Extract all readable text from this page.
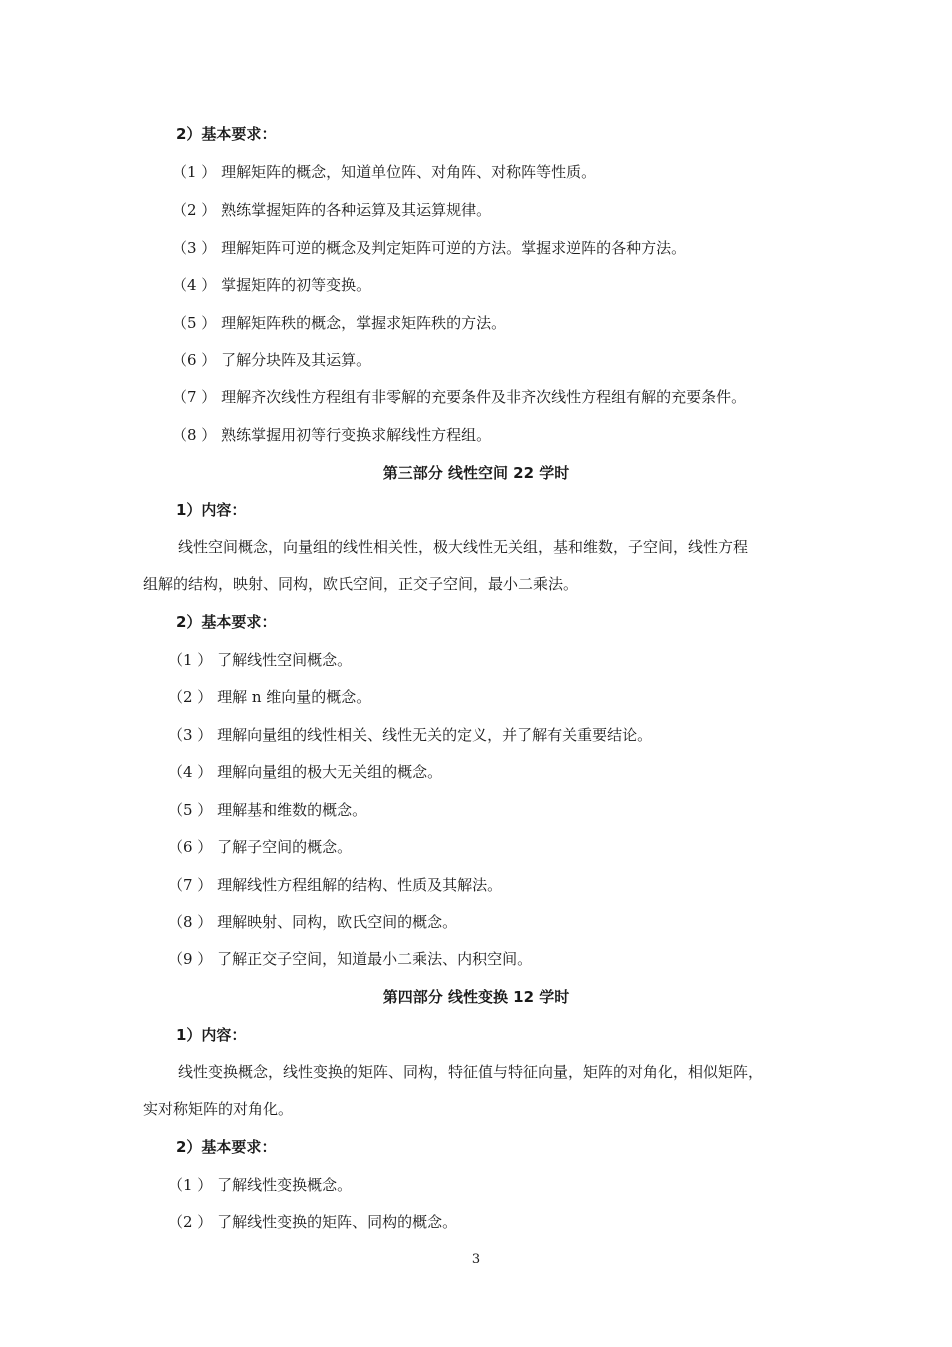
2）基本要求：
（1 ） 理解矩阵的概念，知道单位阵、对角阵、对称阵等性质。
（2 ） 熟练掌握矩阵的各种运算及其运算规律。
（3 ） 理解矩阵可逆的概念及判定矩阵可逆的方法。掌握求逆阵的各种方法。
（4 ） 掌握矩阵的初等变换。
（5 ） 理解矩阵秩的概念，掌握求矩阵秩的方法。
（6 ） 了解分块阵及其运算。
（7 ） 理解齐次线性方程组有非零解的充要条件及非齐次线性方程组有解的充要条件。
（8 ） 熟练掌握用初等行变换求解线性方程组。
第三部分 线性空间 22 学时
1）内容：
线性空间概念，向量组的线性相关性，极大线性无关组，基和维数，子空间，线性方程
组解的结构，映射、同构，欧氏空间，正交子空间，最小二乘法。
2）基本要求：
（1 ） 了解线性空间概念。
（2 ） 理解 n 维向量的概念。
（3 ） 理解向量组的线性相关、线性无关的定义，并了解有关重要结论。
（4 ） 理解向量组的极大无关组的概念。
（5 ） 理解基和维数的概念。
（6 ） 了解子空间的概念。
（7 ） 理解线性方程组解的结构、性质及其解法。
（8 ） 理解映射、同构，欧氏空间的概念。
（9 ） 了解正交子空间，知道最小二乘法、内积空间。
第四部分 线性变换 12 学时
1）内容：
线性变换概念，线性变换的矩阵、同构，特征值与特征向量，矩阵的对角化，相似矩阵，
实对称矩阵的对角化。
2）基本要求：
（1 ） 了解线性变换概念。
（2 ） 了解线性变换的矩阵、同构的概念。
3
